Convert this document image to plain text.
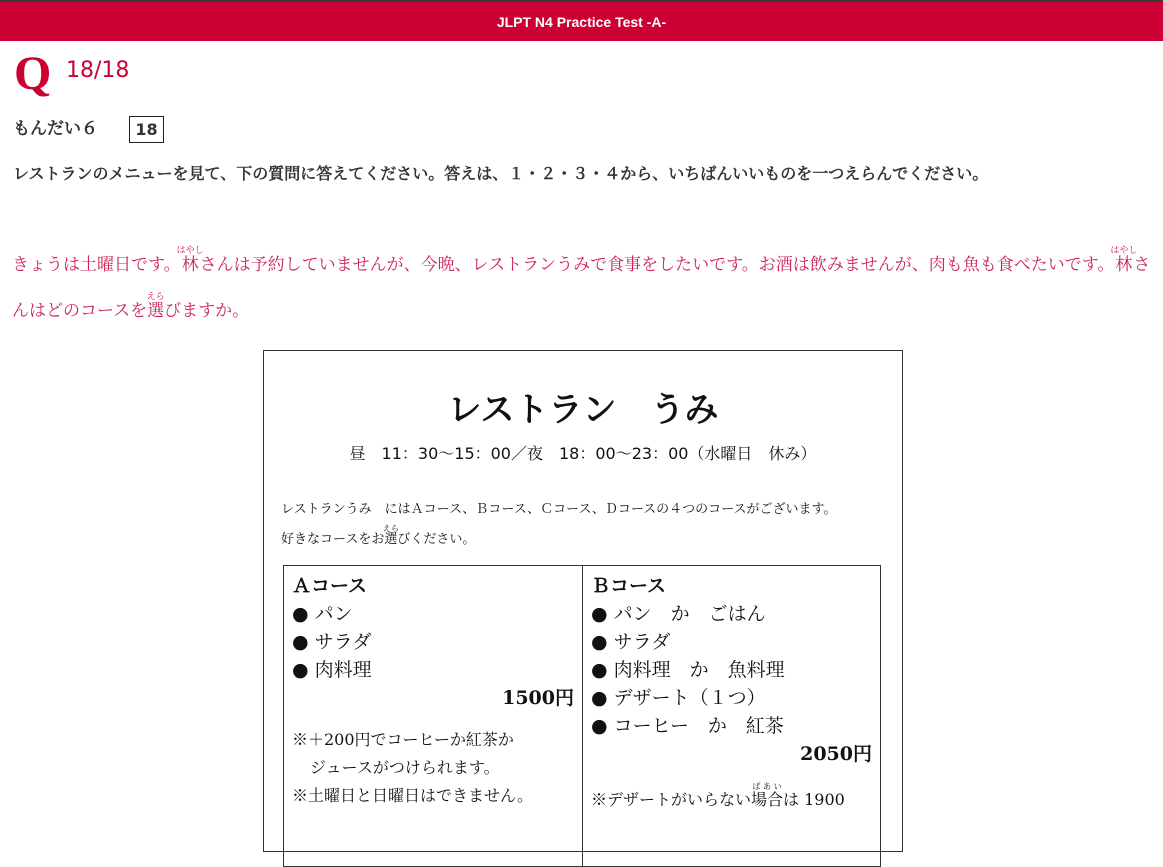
JLPT N4 Practice Test -A-
Q 18/18
もんだい６	18
レストランのメニューを見て、下の質問に答えてください。答えは、１・２・３・４から、いちばんいいものを一つえらんでください。
きょうは土曜日です。林はやしさんは予約していませんが、今晩、レストランうみで食事をしたいです。お酒は飲みませんが、肉も魚も食べたいです。林はやしさんはどのコースを選えらびますか。
レストラン　うみ
昼　11：30～15：00／夜　18：00～23：00（水曜日　休み）
レストランうみ　にはＡコース、Ｂコース、Ｃコース、Ｄコースの４つのコースがございます。
好きなコースをお選えらびください。
Ａコース
● パン
● サラダ
● 肉料理
1500円
※＋200円でコーヒーか紅茶か
ジュースがつけられます。
※土曜日と日曜日はできません。
Ｂコース
● パン　か　ごはん
● サラダ
● 肉料理　か　魚料理
● デザート（１つ）
● コーヒー　か　紅茶
2050円
※デザートがいらない場合ばあいは 1900
